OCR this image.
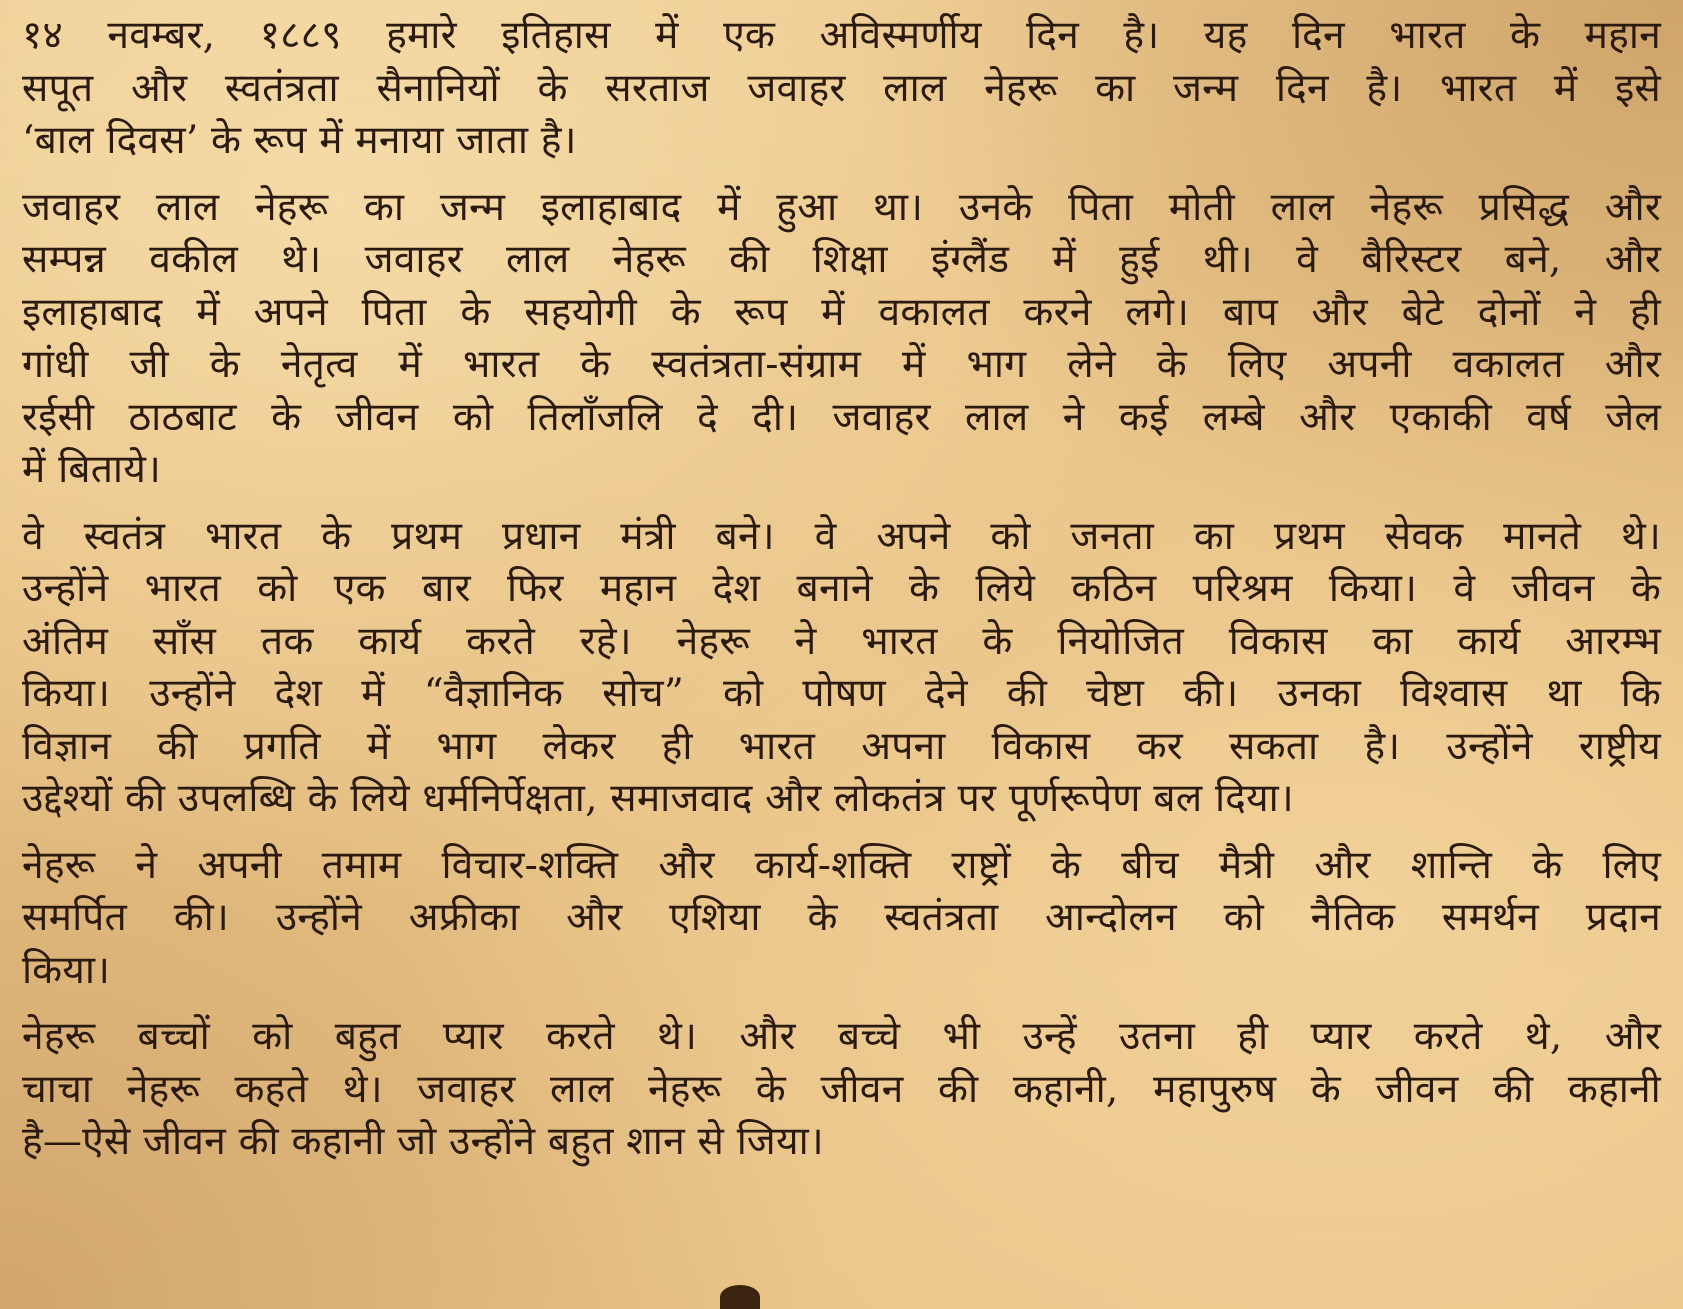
१४ नवम्बर, १८८९ हमारे इतिहास में एक अविस्मर्णीय दिन है। यह दिन भारत के महान
सपूत और स्वतंत्रता सैनानियों के सरताज जवाहर लाल नेहरू का जन्म दिन है। भारत में इसे
‘बाल दिवस’ के रूप में मनाया जाता है।
जवाहर लाल नेहरू का जन्म इलाहाबाद में हुआ था। उनके पिता मोती लाल नेहरू प्रसिद्ध और
सम्पन्न वकील थे। जवाहर लाल नेहरू की शिक्षा इंग्लैंड में हुई थी। वे बैरिस्टर बने, और
इलाहाबाद में अपने पिता के सहयोगी के रूप में वकालत करने लगे। बाप और बेटे दोनों ने ही
गांधी जी के नेतृत्व में भारत के स्वतंत्रता-संग्राम में भाग लेने के लिए अपनी वकालत और
रईसी ठाठबाट के जीवन को तिलाँजलि दे दी। जवाहर लाल ने कई लम्बे और एकाकी वर्ष जेल
में बिताये।
वे स्वतंत्र भारत के प्रथम प्रधान मंत्री बने। वे अपने को जनता का प्रथम सेवक मानते थे।
उन्होंने भारत को एक बार फिर महान देश बनाने के लिये कठिन परिश्रम किया। वे जीवन के
अंतिम साँस तक कार्य करते रहे। नेहरू ने भारत के नियोजित विकास का कार्य आरम्भ
किया। उन्होंने देश में “वैज्ञानिक सोच” को पोषण देने की चेष्टा की। उनका विश्वास था कि
विज्ञान की प्रगति में भाग लेकर ही भारत अपना विकास कर सकता है। उन्होंने राष्ट्रीय
उद्देश्यों की उपलब्धि के लिये धर्मनिर्पेक्षता, समाजवाद और लोकतंत्र पर पूर्णरूपेण बल दिया।
नेहरू ने अपनी तमाम विचार-शक्ति और कार्य-शक्ति राष्ट्रों के बीच मैत्री और शान्ति के लिए
समर्पित की। उन्होंने अफ्रीका और एशिया के स्वतंत्रता आन्दोलन को नैतिक समर्थन प्रदान
किया।
नेहरू बच्चों को बहुत प्यार करते थे। और बच्चे भी उन्हें उतना ही प्यार करते थे, और
चाचा नेहरू कहते थे। जवाहर लाल नेहरू के जीवन की कहानी, महापुरुष के जीवन की कहानी
है—ऐसे जीवन की कहानी जो उन्होंने बहुत शान से जिया।
